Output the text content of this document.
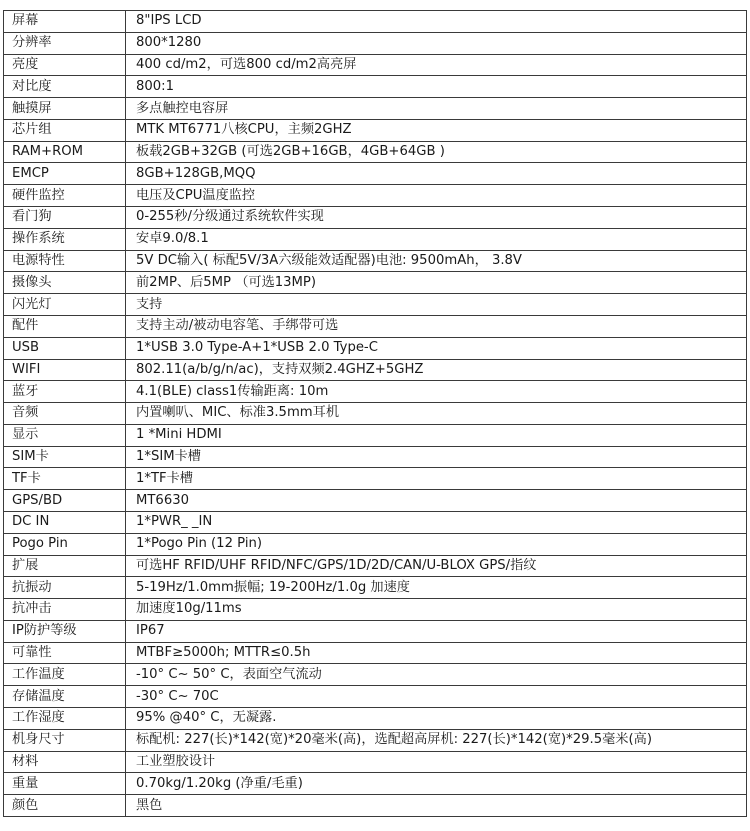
屏幕	8"IPS LCD
分辨率	800*1280
亮度	400 cd/m2，可选800 cd/m2高亮屏
对比度	800:1
触摸屏	多点触控电容屏
芯片组	MTK MT6771八核CPU，主频2GHZ
RAM+ROM	板载2GB+32GB (可选2GB+16GB，4GB+64GB )
EMCP	8GB+128GB,MQQ
硬件监控	电压及CPU温度监控
看门狗	0-255秒/分级通过系统软件实现
操作系统	安卓9.0/8.1
电源特性	5V DC输入( 标配5V/3A六级能效适配器)电池: 9500mAh， 3.8V
摄像头	前2MP、后5MP （可选13MP)
闪光灯	支持
配件	支持主动/被动电容笔、手绑带可选
USB	1*USB 3.0 Type-A+1*USB 2.0 Type-C
WIFI	802.11(a/b/g/n/ac)，支持双频2.4GHZ+5GHZ
蓝牙	4.1(BLE) class1传输距离: 10m
音频	内置喇叭、MIC、标准3.5mm耳机
显示	1 *Mini HDMI
SIM卡	1*SIM卡槽
TF卡	1*TF卡槽
GPS/BD	MT6630
DC IN	1*PWR_ _IN
Pogo Pin	1*Pogo Pin (12 Pin)
扩展	可选HF RFID/UHF RFID/NFC/GPS/1D/2D/CAN/U-BLOX GPS/指纹
抗振动	5-19Hz/1.0mm振幅; 19-200Hz/1.0g 加速度
抗冲击	加速度10g/11ms
IP防护等级	IP67
可靠性	MTBF≥5000h; MTTR≤0.5h
工作温度	-10° C~ 50° C，表面空气流动
存储温度	-30° C~ 70C
工作湿度	95% @40° C，无凝露.
机身尺寸	标配机: 227(长)*142(宽)*20毫米(高)，选配超高屏机: 227(长)*142(宽)*29.5毫米(高)
材料	工业塑胶设计
重量	0.70kg/1.20kg (净重/毛重)
颜色	黑色
